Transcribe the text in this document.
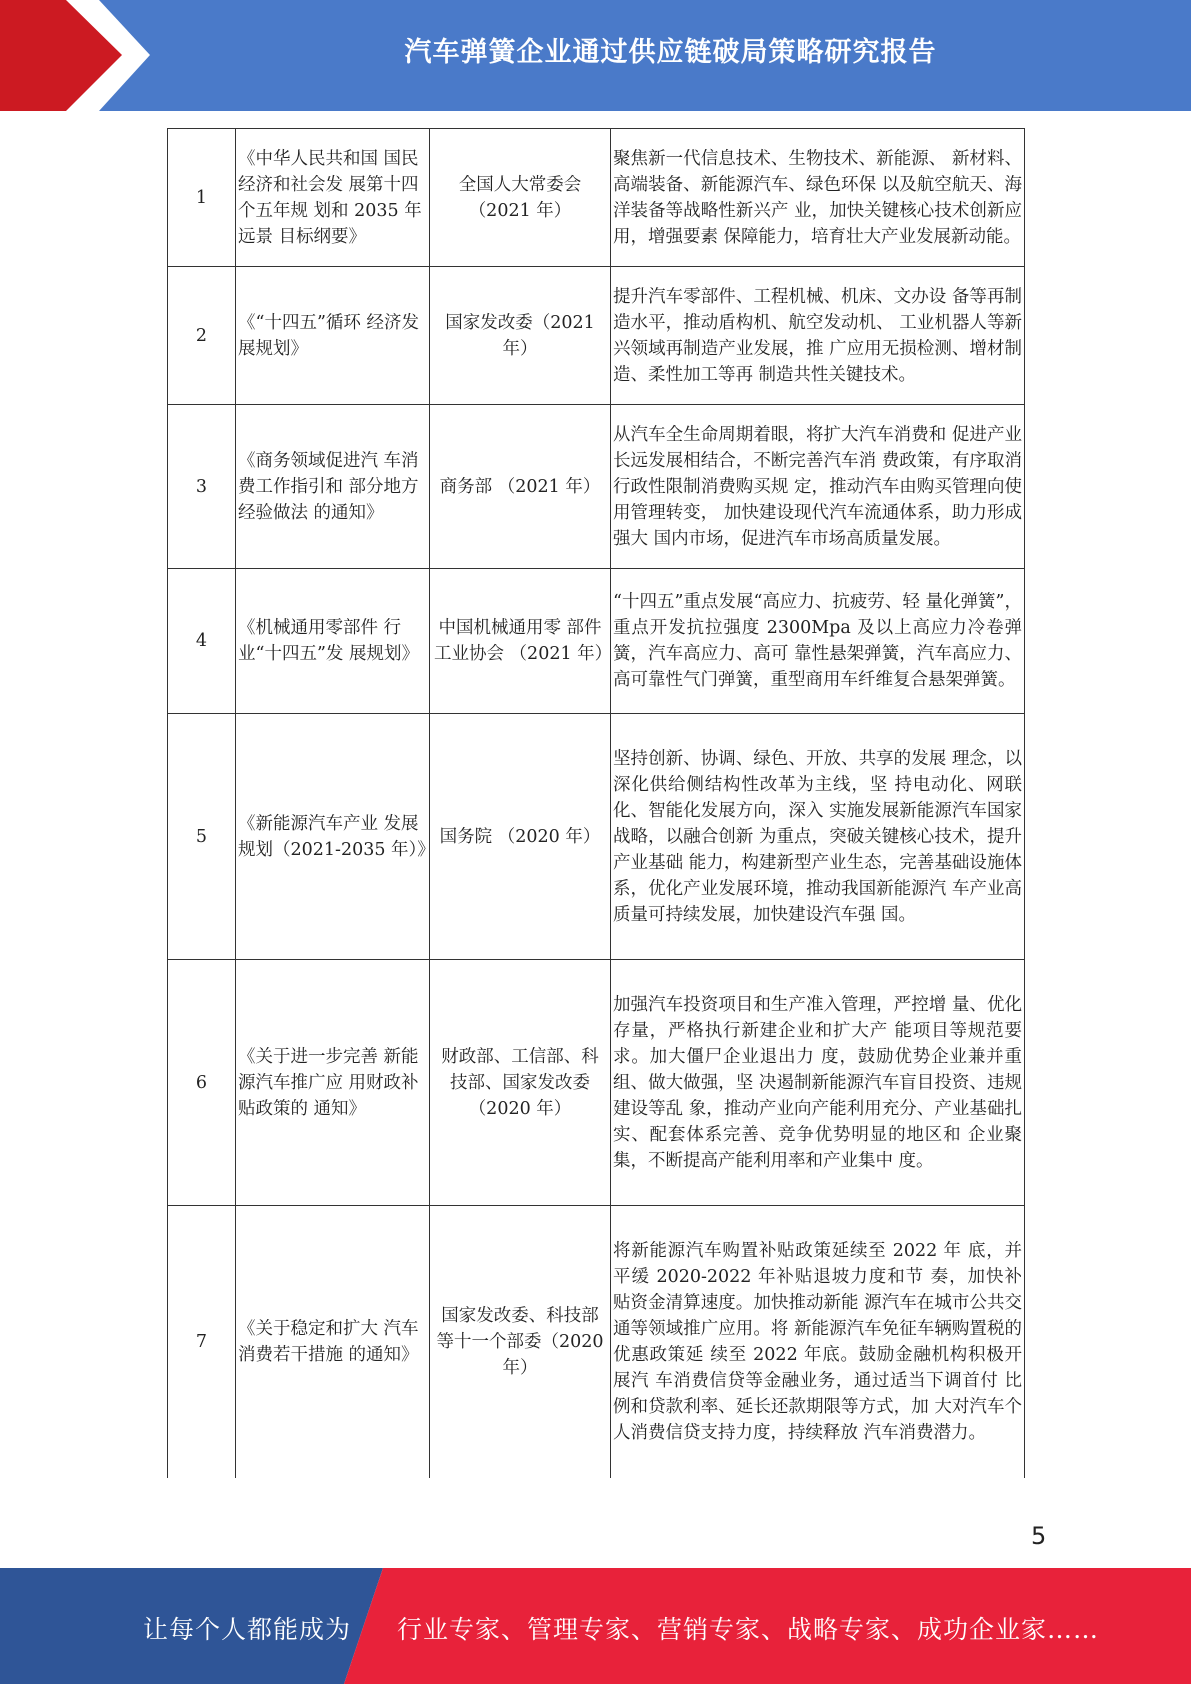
汽车弹簧企业通过供应链破局策略研究报告
1	《中华人民共和国 国民经济和社会发 展第十四个五年规 划和 2035 年远景 目标纲要》	全国人大常委会（2021 年）	聚焦新一代信息技术、生物技术、新能源、 新材料、高端装备、新能源汽车、绿色环保 以及航空航天、海洋装备等战略性新兴产 业，加快关键核心技术创新应用，增强要素 保障能力，培育壮大产业发展新动能。
2	《“十四五”循环 经济发展规划》	国家发改委（2021 年）	提升汽车零部件、工程机械、机床、文办设 备等再制造水平，推动盾构机、航空发动机、 工业机器人等新兴领域再制造产业发展，推 广应用无损检测、增材制造、柔性加工等再 制造共性关键技术。
3	《商务领域促进汽 车消费工作指引和 部分地方经验做法 的通知》	商务部 （2021 年）	从汽车全生命周期着眼，将扩大汽车消费和 促进产业长远发展相结合，不断完善汽车消 费政策，有序取消行政性限制消费购买规 定，推动汽车由购买管理向使用管理转变， 加快建设现代汽车流通体系，助力形成强大 国内市场，促进汽车市场高质量发展。
4	《机械通用零部件 行业“十四五”发 展规划》	中国机械通用零 部件工业协会 （2021 年）	“十四五”重点发展“高应力、抗疲劳、轻 量化弹簧”，重点开发抗拉强度 2300Mpa 及以上高应力冷卷弹簧，汽车高应力、高可 靠性悬架弹簧，汽车高应力、高可靠性气门弹簧，重型商用车纤维复合悬架弹簧。
5	《新能源汽车产业 发展规划（2021-2035 年）》	国务院 （2020 年）	坚持创新、协调、绿色、开放、共享的发展 理念，以深化供给侧结构性改革为主线，坚 持电动化、网联化、智能化发展方向，深入 实施发展新能源汽车国家战略，以融合创新 为重点，突破关键核心技术，提升产业基础 能力，构建新型产业生态，完善基础设施体 系，优化产业发展环境，推动我国新能源汽 车产业高质量可持续发展，加快建设汽车强 国。
6	《关于进一步完善 新能源汽车推广应 用财政补贴政策的 通知》	财政部、工信部、科技部、国家发改委（2020 年）	加强汽车投资项目和生产准入管理，严控增 量、优化存量，严格执行新建企业和扩大产 能项目等规范要求。加大僵尸企业退出力 度，鼓励优势企业兼并重组、做大做强，坚 决遏制新能源汽车盲目投资、违规建设等乱 象，推动产业向产能利用充分、产业基础扎 实、配套体系完善、竞争优势明显的地区和 企业聚集，不断提高产能利用率和产业集中 度。
7	《关于稳定和扩大 汽车消费若干措施 的通知》	国家发改委、科技部等十一个部委（2020 年）	将新能源汽车购置补贴政策延续至 2022 年 底，并平缓 2020-2022 年补贴退坡力度和节 奏，加快补贴资金清算速度。加快推动新能 源汽车在城市公共交通等领域推广应用。将 新能源汽车免征车辆购置税的优惠政策延 续至 2022 年底。鼓励金融机构积极开展汽 车消费信贷等金融业务，通过适当下调首付 比例和贷款利率、延长还款期限等方式，加 大对汽车个人消费信贷支持力度，持续释放 汽车消费潜力。
5
让每个人都能成为 行业专家、管理专家、营销专家、战略专家、成功企业家……
